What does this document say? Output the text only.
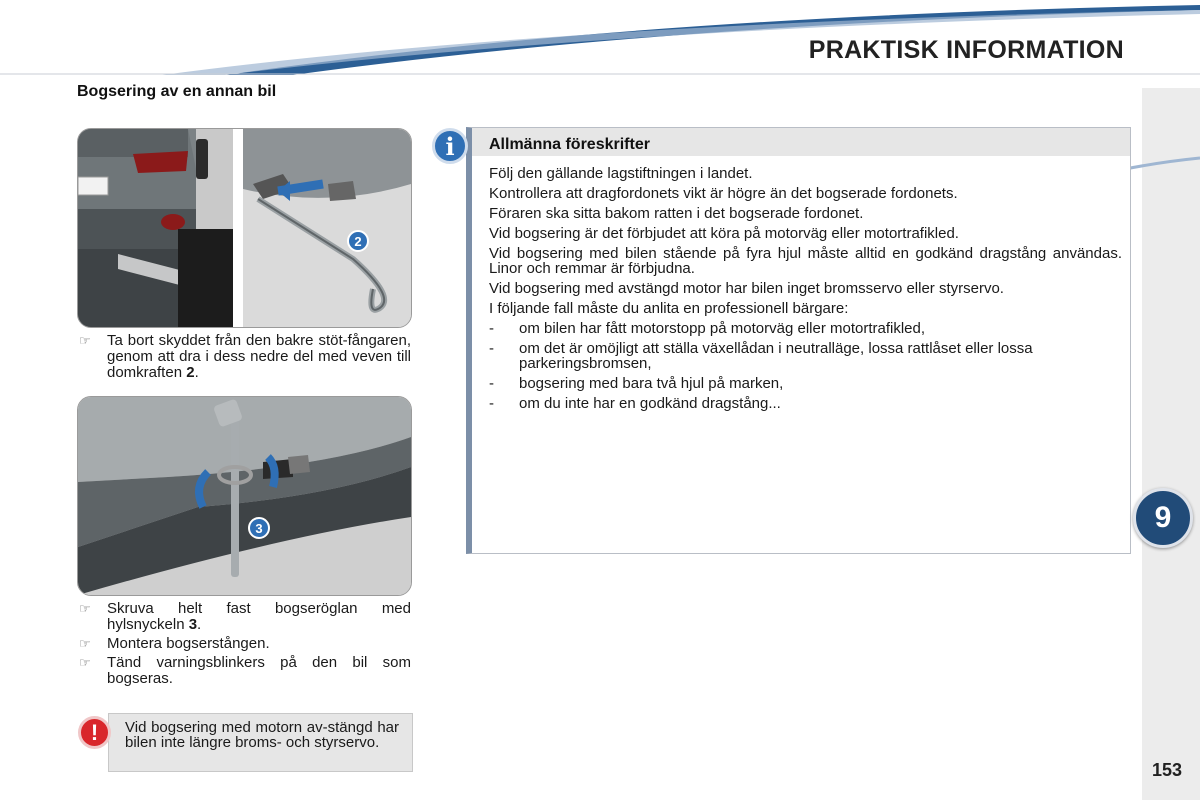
PRAKTISK INFORMATION
Bogsering av en annan bil
2
☞ Ta bort skyddet från den bakre stöt-fångaren, genom att dra i dess nedre del med veven till domkraften 2.
3
☞ Skruva helt fast bogseröglan med hylsnyckeln 3.
☞ Montera bogserstången.
☞ Tänd varningsblinkers på den bil som bogseras.
Vid bogsering med motorn av-stängd har bilen inte längre broms- och styrservo.
!
Allmänna föreskrifter

Följ den gällande lagstiftningen i landet.

Kontrollera att dragfordonets vikt är högre än det bogserade fordonets.

Föraren ska sitta bakom ratten i det bogserade fordonet.

Vid bogsering är det förbjudet att köra på motorväg eller motortrafikled.

Vid bogsering med bilen stående på fyra hjul måste alltid en godkänd dragstång användas. Linor och remmar är förbjudna.

Vid bogsering med avstängd motor har bilen inget bromsservo eller styrservo.

I följande fall måste du anlita en professionell bärgare:

- om bilen har fått motorstopp på motorväg eller motortrafikled,
- om det är omöjligt att ställa växellådan i neutralläge, lossa rattlåset eller lossa parkeringsbromsen,
- bogsering med bara två hjul på marken,
- om du inte har en godkänd dragstång...
i
9
153
